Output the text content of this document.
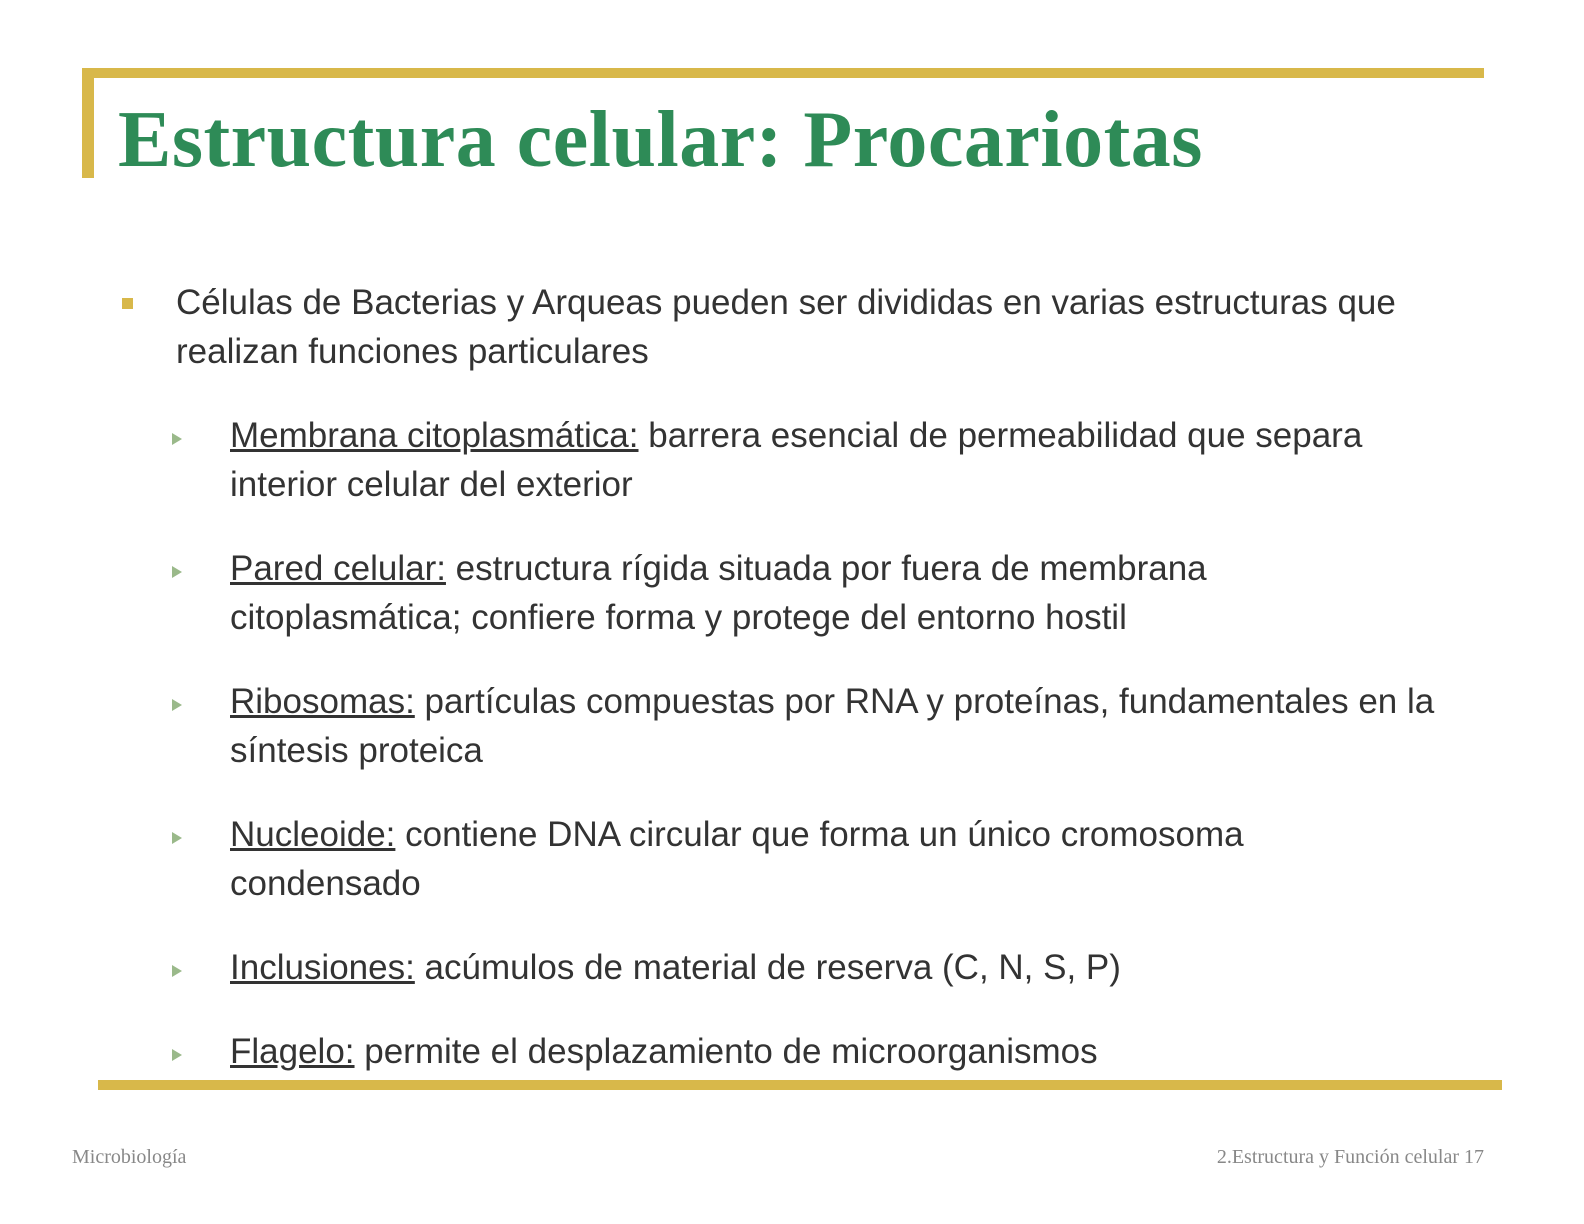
Estructura celular: Procariotas

Células de Bacterias y Arqueas pueden ser divididas en varias estructuras que realizan funciones particulares

Membrana citoplasmática: barrera esencial de permeabilidad que separa interior celular del exterior

Pared celular: estructura rígida situada por fuera de membrana citoplasmática; confiere forma y protege del entorno hostil

Ribosomas: partículas compuestas por RNA y proteínas, fundamentales en la síntesis proteica

Nucleoide: contiene DNA circular que forma un único cromosoma condensado

Inclusiones: acúmulos de material de reserva (C, N, S, P)

Flagelo: permite el desplazamiento de microorganismos

Microbiología	2.Estructura y Función celular 17
